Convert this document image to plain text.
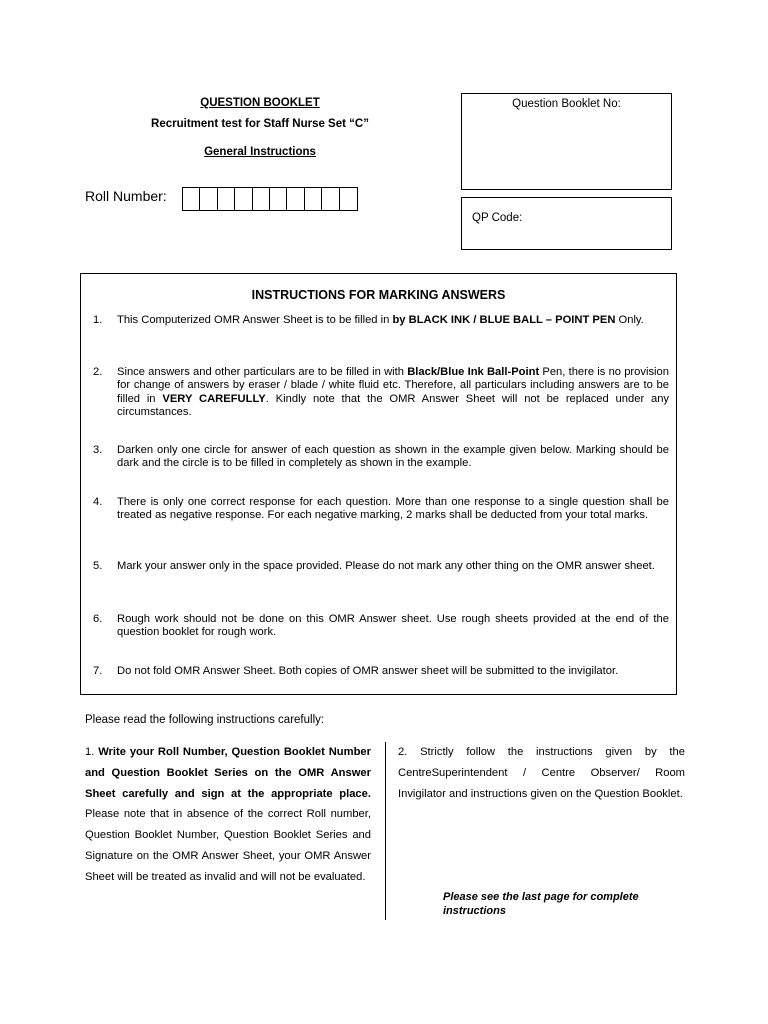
QUESTION BOOKLET
Recruitment test for Staff Nurse Set “C”
General Instructions
Roll Number:
Question Booklet No:
QP Code:
INSTRUCTIONS FOR MARKING ANSWERS
1. This Computerized OMR Answer Sheet is to be filled in by BLACK INK / BLUE BALL – POINT PEN Only.
2. Since answers and other particulars are to be filled in with Black/Blue Ink Ball-Point Pen, there is no provision for change of answers by eraser / blade / white fluid etc. Therefore, all particulars including answers are to be filled in VERY CAREFULLY. Kindly note that the OMR Answer Sheet will not be replaced under any circumstances.
3. Darken only one circle for answer of each question as shown in the example given below. Marking should be dark and the circle is to be filled in completely as shown in the example.
4. There is only one correct response for each question. More than one response to a single question shall be treated as negative response. For each negative marking, 2 marks shall be deducted from your total marks.
5. Mark your answer only in the space provided. Please do not mark any other thing on the OMR answer sheet.
6. Rough work should not be done on this OMR Answer sheet. Use rough sheets provided at the end of the question booklet for rough work.
7. Do not fold OMR Answer Sheet. Both copies of OMR answer sheet will be submitted to the invigilator.
Please read the following instructions carefully:
1. Write your Roll Number, Question Booklet Number and Question Booklet Series on the OMR Answer Sheet carefully and sign at the appropriate place. Please note that in absence of the correct Roll number, Question Booklet Number, Question Booklet Series and Signature on the OMR Answer Sheet, your OMR Answer Sheet will be treated as invalid and will not be evaluated.
2. Strictly follow the instructions given by the CentreSuperintendent / Centre Observer/ Room Invigilator and instructions given on the Question Booklet.
Please see the last page for complete instructions
